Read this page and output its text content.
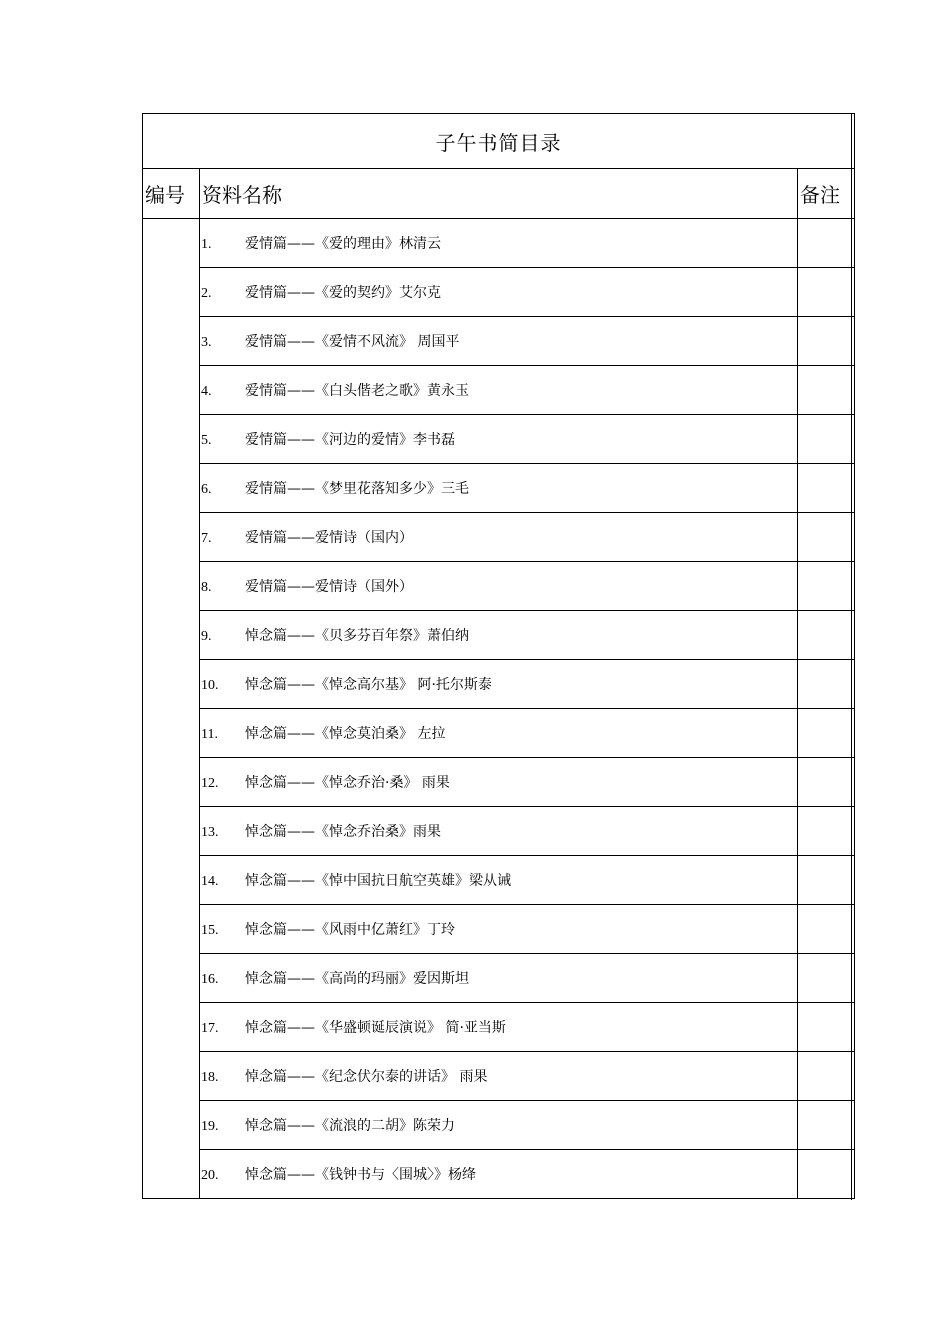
子午书简目录		
编号	资料名称	备注
	1. 爱情篇——《爱的理由》林清云	
	2. 爱情篇——《爱的契约》艾尔克	
	3. 爱情篇——《爱情不风流》 周国平	
	4. 爱情篇——《白头偕老之歌》黄永玉	
	5. 爱情篇——《河边的爱情》李书磊	
	6. 爱情篇——《梦里花落知多少》三毛	
	7. 爱情篇——爱情诗（国内）	
	8. 爱情篇——爱情诗（国外）	
	9. 悼念篇——《贝多芬百年祭》萧伯纳	
	10. 悼念篇——《悼念高尔基》 阿·托尔斯泰	
	11. 悼念篇——《悼念莫泊桑》 左拉	
	12. 悼念篇——《悼念乔治·桑》 雨果	
	13. 悼念篇——《悼念乔治桑》雨果	
	14. 悼念篇——《悼中国抗日航空英雄》梁从诫	
	15. 悼念篇——《风雨中亿萧红》丁玲	
	16. 悼念篇——《高尚的玛丽》爱因斯坦	
	17. 悼念篇——《华盛顿诞辰演说》 简·亚当斯	
	18. 悼念篇——《纪念伏尔泰的讲话》 雨果	
	19. 悼念篇——《流浪的二胡》陈荣力	
	20. 悼念篇——《钱钟书与〈围城〉》杨绛	
